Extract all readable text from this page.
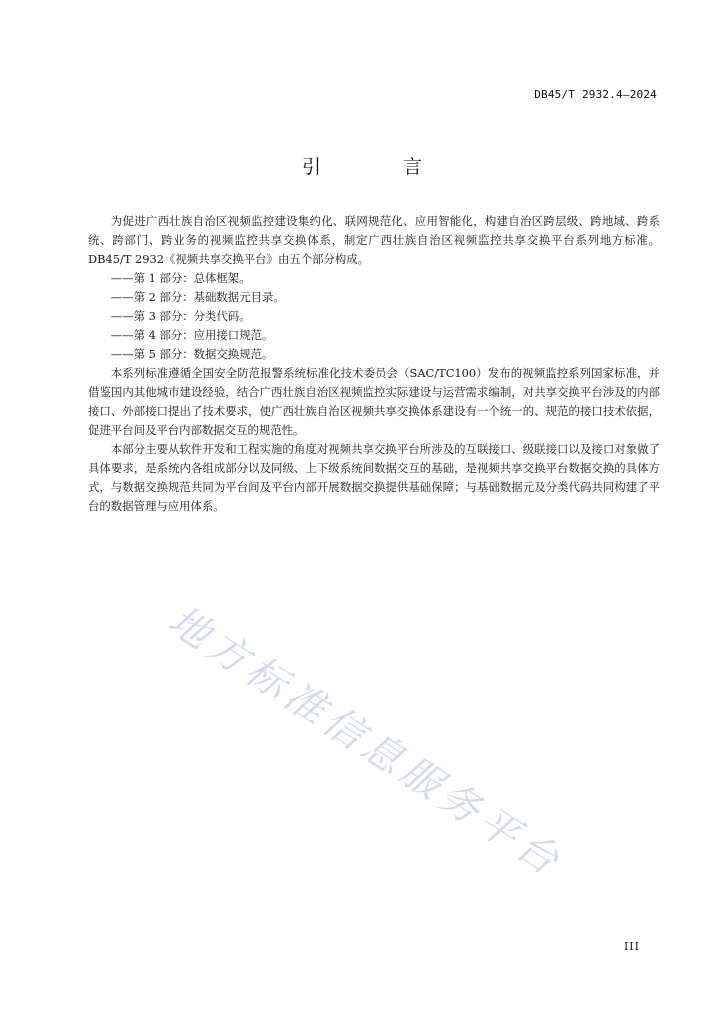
DB45/T 2932.4—2024
引 言

为促进广西壮族自治区视频监控建设集约化、联网规范化、应用智能化，构建自治区跨层级、跨地域、跨系统、跨部门、跨业务的视频监控共享交换体系，制定广西壮族自治区视频监控共享交换平台系列地方标准。DB45/T 2932《视频共享交换平台》由五个部分构成。

——第 1 部分：总体框架。
——第 2 部分：基础数据元目录。
——第 3 部分：分类代码。
——第 4 部分：应用接口规范。
——第 5 部分：数据交换规范。

本系列标准遵循全国安全防范报警系统标准化技术委员会（SAC/TC100）发布的视频监控系列国家标准，并借鉴国内其他城市建设经验，结合广西壮族自治区视频监控实际建设与运营需求编制，对共享交换平台涉及的内部接口、外部接口提出了技术要求，使广西壮族自治区视频共享交换体系建设有一个统一的、规范的接口技术依据，促进平台间及平台内部数据交互的规范性。

本部分主要从软件开发和工程实施的角度对视频共享交换平台所涉及的互联接口、级联接口以及接口对象做了具体要求，是系统内各组成部分以及同级、上下级系统间数据交互的基础，是视频共享交换平台数据交换的具体方式，与数据交换规范共同为平台间及平台内部开展数据交换提供基础保障；与基础数据元及分类代码共同构建了平台的数据管理与应用体系。

地方标准信息服务平台
III
